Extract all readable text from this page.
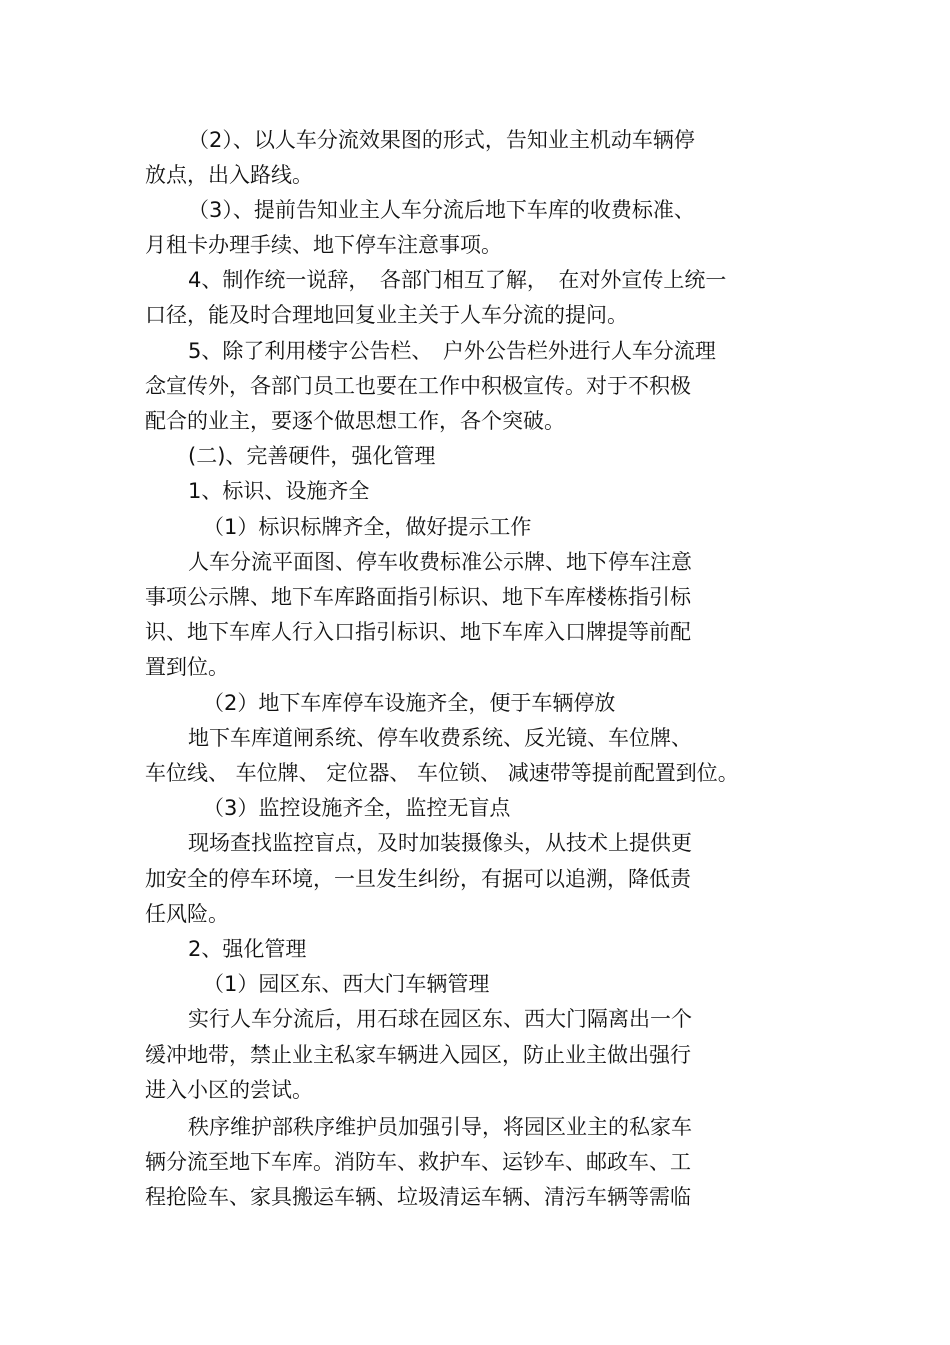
（2）、以人车分流效果图的形式，告知业主机动车辆停
放点，出入路线。
（3）、提前告知业主人车分流后地下车库的收费标准、
月租卡办理手续、地下停车注意事项。
4、制作统一说辞，　各部门相互了解，　在对外宣传上统一
口径，能及时合理地回复业主关于人车分流的提问。
5、除了利用楼宇公告栏、　户外公告栏外进行人车分流理
念宣传外，各部门员工也要在工作中积极宣传。对于不积极
配合的业主，要逐个做思想工作，各个突破。
(二)、完善硬件，强化管理
1、标识、设施齐全
（1）标识标牌齐全，做好提示工作
人车分流平面图、停车收费标准公示牌、地下停车注意
事项公示牌、地下车库路面指引标识、地下车库楼栋指引标
识、地下车库人行入口指引标识、地下车库入口牌提等前配
置到位。
（2）地下车库停车设施齐全，便于车辆停放
地下车库道闸系统、停车收费系统、反光镜、车位牌、
车位线、 车位牌、 定位器、 车位锁、 减速带等提前配置到位。
（3）监控设施齐全，监控无盲点
现场查找监控盲点，及时加装摄像头，从技术上提供更
加安全的停车环境，一旦发生纠纷，有据可以追溯，降低责
任风险。
2、强化管理
（1）园区东、西大门车辆管理
实行人车分流后，用石球在园区东、西大门隔离出一个
缓冲地带，禁止业主私家车辆进入园区，防止业主做出强行
进入小区的尝试。
秩序维护部秩序维护员加强引导，将园区业主的私家车
辆分流至地下车库。消防车、救护车、运钞车、邮政车、工
程抢险车、家具搬运车辆、垃圾清运车辆、清污车辆等需临
